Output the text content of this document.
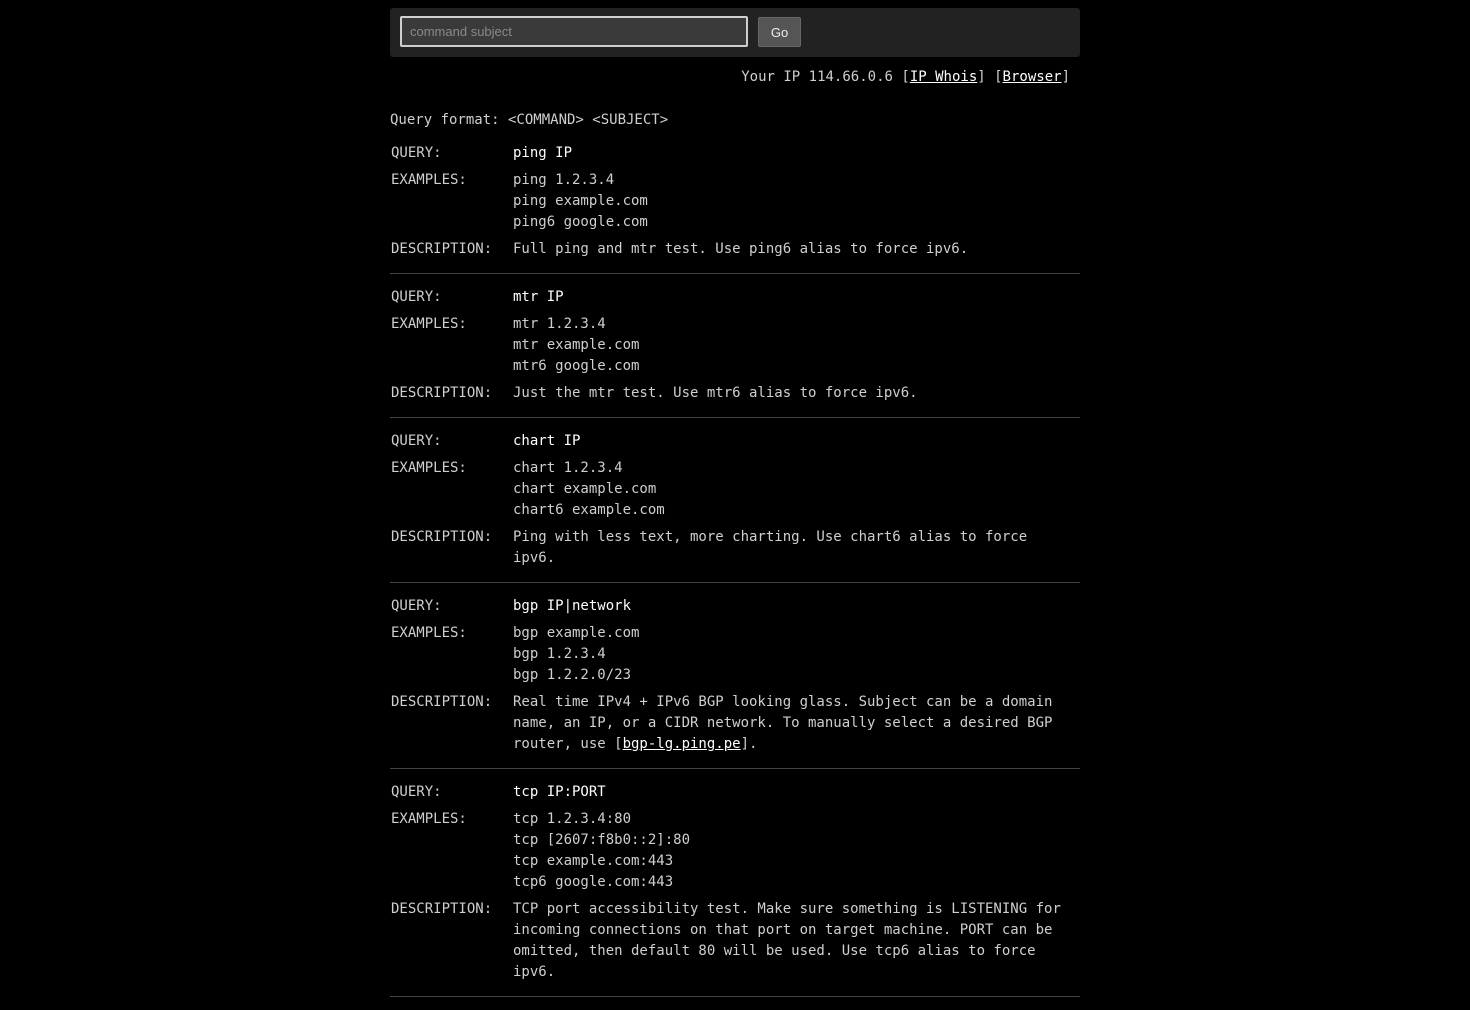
command subject
Go
Your IP 114.66.0.6 [IP Whois] [Browser]
Query format: <COMMAND> <SUBJECT>
QUERY:	ping IP
EXAMPLES:	ping 1.2.3.4
ping example.com
ping6 google.com
DESCRIPTION:	Full ping and mtr test. Use ping6 alias to force ipv6.
QUERY:	mtr IP
EXAMPLES:	mtr 1.2.3.4
mtr example.com
mtr6 google.com
DESCRIPTION:	Just the mtr test. Use mtr6 alias to force ipv6.
QUERY:	chart IP
EXAMPLES:	chart 1.2.3.4
chart example.com
chart6 example.com
DESCRIPTION:	Ping with less text, more charting. Use chart6 alias to force ipv6.
QUERY:	bgp IP|network
EXAMPLES:	bgp example.com
bgp 1.2.3.4
bgp 1.2.2.0/23
DESCRIPTION:	Real time IPv4 + IPv6 BGP looking glass. Subject can be a domain name, an IP, or a CIDR network. To manually select a desired BGP router, use [bgp-lg.ping.pe].
QUERY:	tcp IP:PORT
EXAMPLES:	tcp 1.2.3.4:80
tcp [2607:f8b0::2]:80
tcp example.com:443
tcp6 google.com:443
DESCRIPTION:	TCP port accessibility test. Make sure something is LISTENING for incoming connections on that port on target machine. PORT can be omitted, then default 80 will be used. Use tcp6 alias to force ipv6.
